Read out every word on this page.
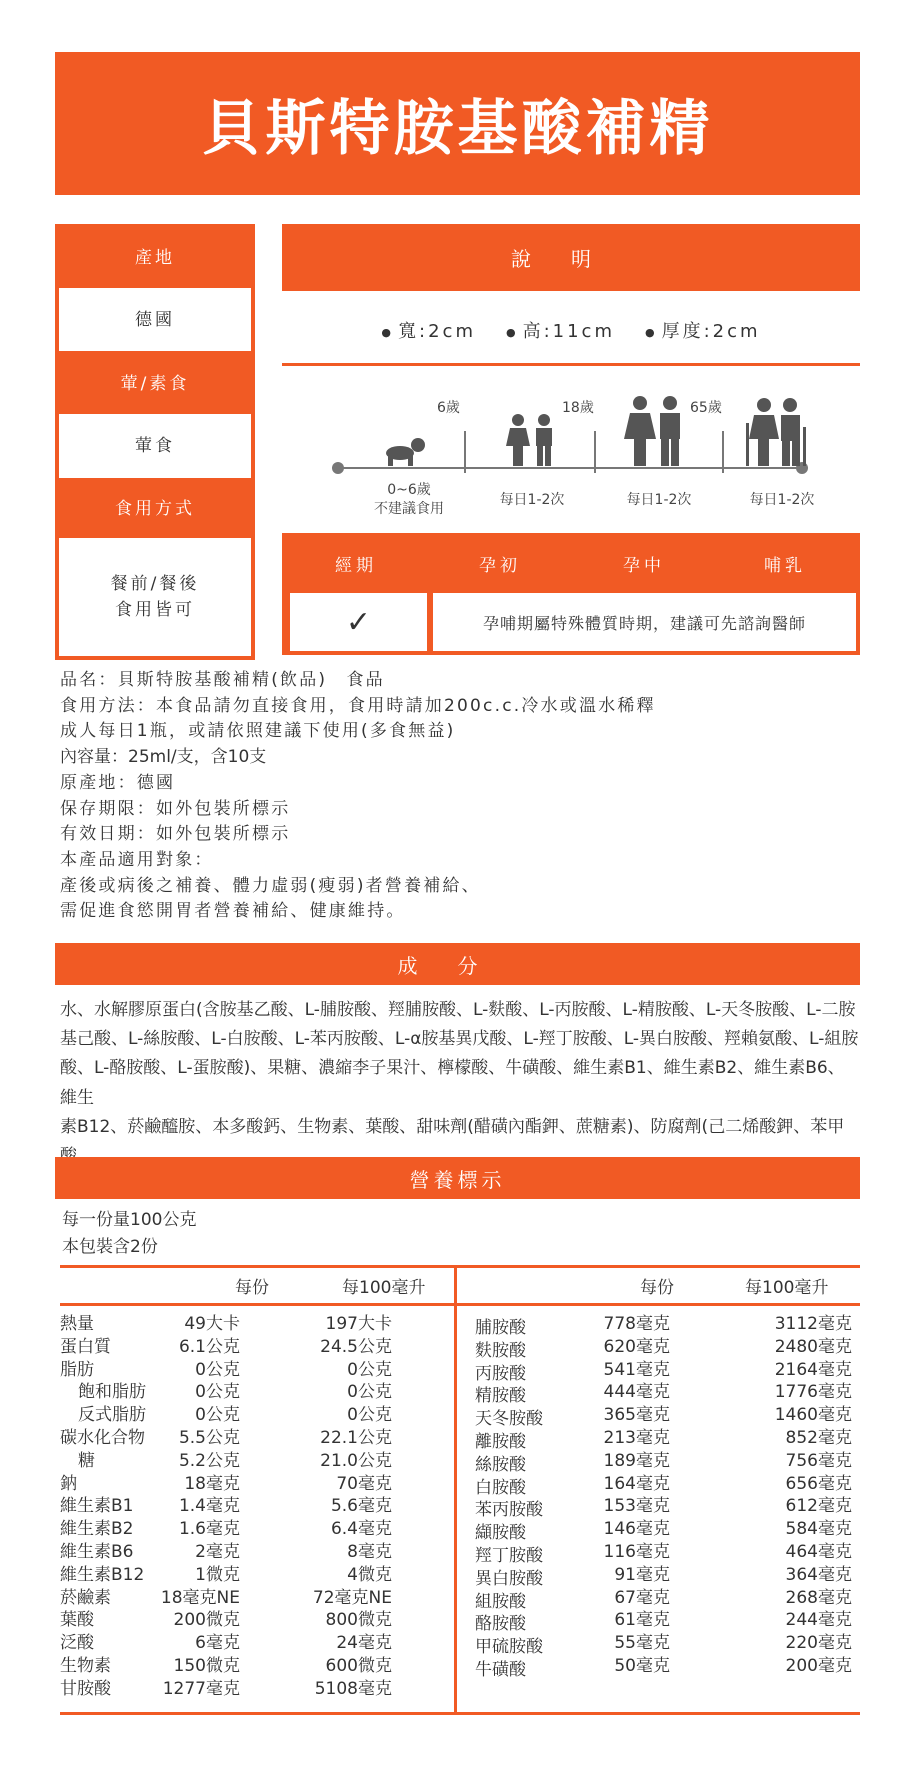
貝斯特胺基酸補精
產地
德國
葷/素食
葷食
食用方式
餐前/餐後
食用皆可
說明
● 寬:2cm	● 高:11cm	● 厚度:2cm
6歲	18歲	65歲
0~6歲
不建議食用
每日1-2次	每日1-2次	每日1-2次
經期	孕初	孕中	哺乳
✓	孕哺期屬特殊體質時期，建議可先諮詢醫師
品名：貝斯特胺基酸補精(飲品)　食品
食用方法：本食品請勿直接食用，食用時請加200c.c.冷水或溫水稀釋
成人每日1瓶，或請依照建議下使用(多食無益)
內容量：25ml/支，含10支
原產地：德國
保存期限：如外包裝所標示
有效日期：如外包裝所標示
本產品適用對象：
產後或病後之補養、體力虛弱(瘦弱)者營養補給、
需促進食慾開胃者營養補給、健康維持。
成分
水、水解膠原蛋白(含胺基乙酸、L-脯胺酸、羥脯胺酸、L-麩酸、L-丙胺酸、L-精胺酸、L-天冬胺酸、L-二胺
基己酸、L-絲胺酸、L-白胺酸、L-苯丙胺酸、L-α胺基異戊酸、L-羥丁胺酸、L-異白胺酸、羥賴氨酸、L-組胺
酸、L-酪胺酸、L-蛋胺酸)、果糖、濃縮李子果汁、檸檬酸、牛磺酸、維生素B1、維生素B2、維生素B6、維生
素B12、菸鹼醯胺、本多酸鈣、生物素、葉酸、甜味劑(醋磺內酯鉀、蔗糖素)、防腐劑(己二烯酸鉀、苯甲
營養標示
每一份量100公克
本包裝含2份
每份	每100毫升	每份	每100毫升
熱量	49大卡	197大卡
蛋白質	6.1公克	24.5公克
脂肪	0公克	0公克
飽和脂肪	0公克	0公克
反式脂肪	0公克	0公克
碳水化合物	5.5公克	22.1公克
糖	5.2公克	21.0公克
鈉	18毫克	70毫克
維生素B1	1.4毫克	5.6毫克
維生素B2	1.6毫克	6.4毫克
維生素B6	2毫克	8毫克
維生素B12	1微克	4微克
菸鹼素	18毫克NE	72毫克NE
葉酸	200微克	800微克
泛酸	6毫克	24毫克
生物素	150微克	600微克
甘胺酸	1277毫克	5108毫克
脯胺酸	778毫克	3112毫克
麩胺酸	620毫克	2480毫克
丙胺酸	541毫克	2164毫克
精胺酸	444毫克	1776毫克
天冬胺酸	365毫克	1460毫克
離胺酸	213毫克	852毫克
絲胺酸	189毫克	756毫克
白胺酸	164毫克	656毫克
苯丙胺酸	153毫克	612毫克
纈胺酸	146毫克	584毫克
羥丁胺酸	116毫克	464毫克
異白胺酸	91毫克	364毫克
組胺酸	67毫克	268毫克
酪胺酸	61毫克	244毫克
甲硫胺酸	55毫克	220毫克
牛磺酸	50毫克	200毫克
